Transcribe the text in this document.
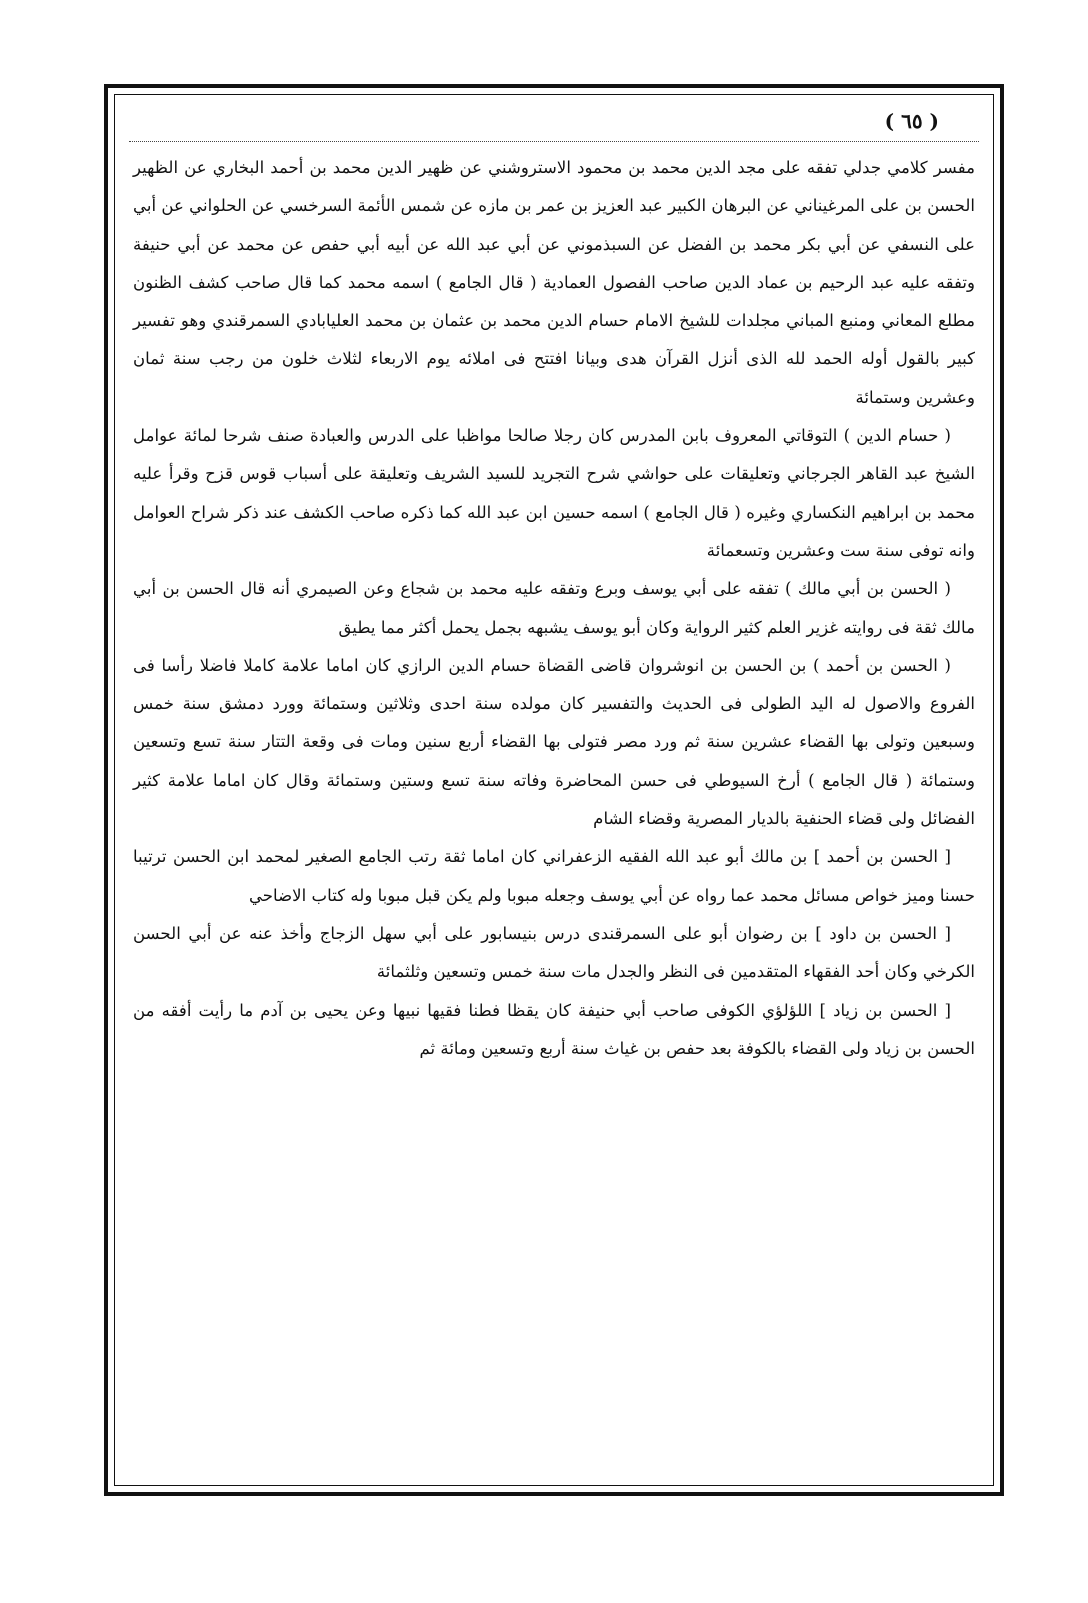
( ٦٥ )

مفسر كلامي جدلي تفقه على مجد الدين محمد بن محمود الاستروشني عن ظهير الدين محمد بن أحمد البخاري عن الظهير الحسن بن على المرغيناني عن البرهان الكبير عبد العزيز بن عمر بن مازه عن شمس الأئمة السرخسي عن الحلواني عن أبي على النسفي عن أبي بكر محمد بن الفضل عن السبذموني عن أبي عبد الله عن أبيه أبي حفص عن محمد عن أبي حنيفة وتفقه عليه عبد الرحيم بن عماد الدين صاحب الفصول العمادية ( قال الجامع ) اسمه محمد كما قال صاحب كشف الظنون مطلع المعاني ومنبع المباني مجلدات للشيخ الامام حسام الدين محمد بن عثمان بن محمد العليابادي السمرقندي وهو تفسير كبير بالقول أوله الحمد لله الذى أنزل القرآن هدى وبيانا افتتح فى املائه يوم الاربعاء لثلاث خلون من رجب سنة ثمان وعشرين وستمائة

( حسام الدين ) التوقاتي المعروف بابن المدرس كان رجلا صالحا مواظبا على الدرس والعبادة صنف شرحا لمائة عوامل الشيخ عبد القاهر الجرجاني وتعليقات على حواشي شرح التجريد للسيد الشريف وتعليقة على أسباب قوس قزح وقرأ عليه محمد بن ابراهيم النكساري وغيره ( قال الجامع ) اسمه حسين ابن عبد الله كما ذكره صاحب الكشف عند ذكر شراح العوامل وانه توفى سنة ست وعشرين وتسعمائة

( الحسن بن أبي مالك ) تفقه على أبي يوسف وبرع وتفقه عليه محمد بن شجاع وعن الصيمري أنه قال الحسن بن أبي مالك ثقة فى روايته غزير العلم كثير الرواية وكان أبو يوسف يشبهه بجمل يحمل أكثر مما يطيق

( الحسن بن أحمد ) بن الحسن بن انوشروان قاضى القضاة حسام الدين الرازي كان اماما علامة كاملا فاضلا رأسا فى الفروع والاصول له اليد الطولى فى الحديث والتفسير كان مولده سنة احدى وثلاثين وستمائة وورد دمشق سنة خمس وسبعين وتولى بها القضاء عشرين سنة ثم ورد مصر فتولى بها القضاء أربع سنين ومات فى وقعة التتار سنة تسع وتسعين وستمائة ( قال الجامع ) أرخ السيوطي فى حسن المحاضرة وفاته سنة تسع وستين وستمائة وقال كان اماما علامة كثير الفضائل ولى قضاء الحنفية بالديار المصرية وقضاء الشام

[ الحسن بن أحمد ] بن مالك أبو عبد الله الفقيه الزعفراني كان اماما ثقة رتب الجامع الصغير لمحمد ابن الحسن ترتيبا حسنا وميز خواص مسائل محمد عما رواه عن أبي يوسف وجعله مبوبا ولم يكن قبل مبوبا وله كتاب الاضاحي

[ الحسن بن داود ] بن رضوان أبو على السمرقندى درس بنيسابور على أبي سهل الزجاج وأخذ عنه عن أبي الحسن الكرخي وكان أحد الفقهاء المتقدمين فى النظر والجدل مات سنة خمس وتسعين وثلثمائة

[ الحسن بن زياد ] اللؤلؤي الكوفى صاحب أبي حنيفة كان يقظا فطنا فقيها نبيها وعن يحيى بن آدم ما رأيت أفقه من الحسن بن زياد ولى القضاء بالكوفة بعد حفص بن غياث سنة أربع وتسعين ومائة ثم
